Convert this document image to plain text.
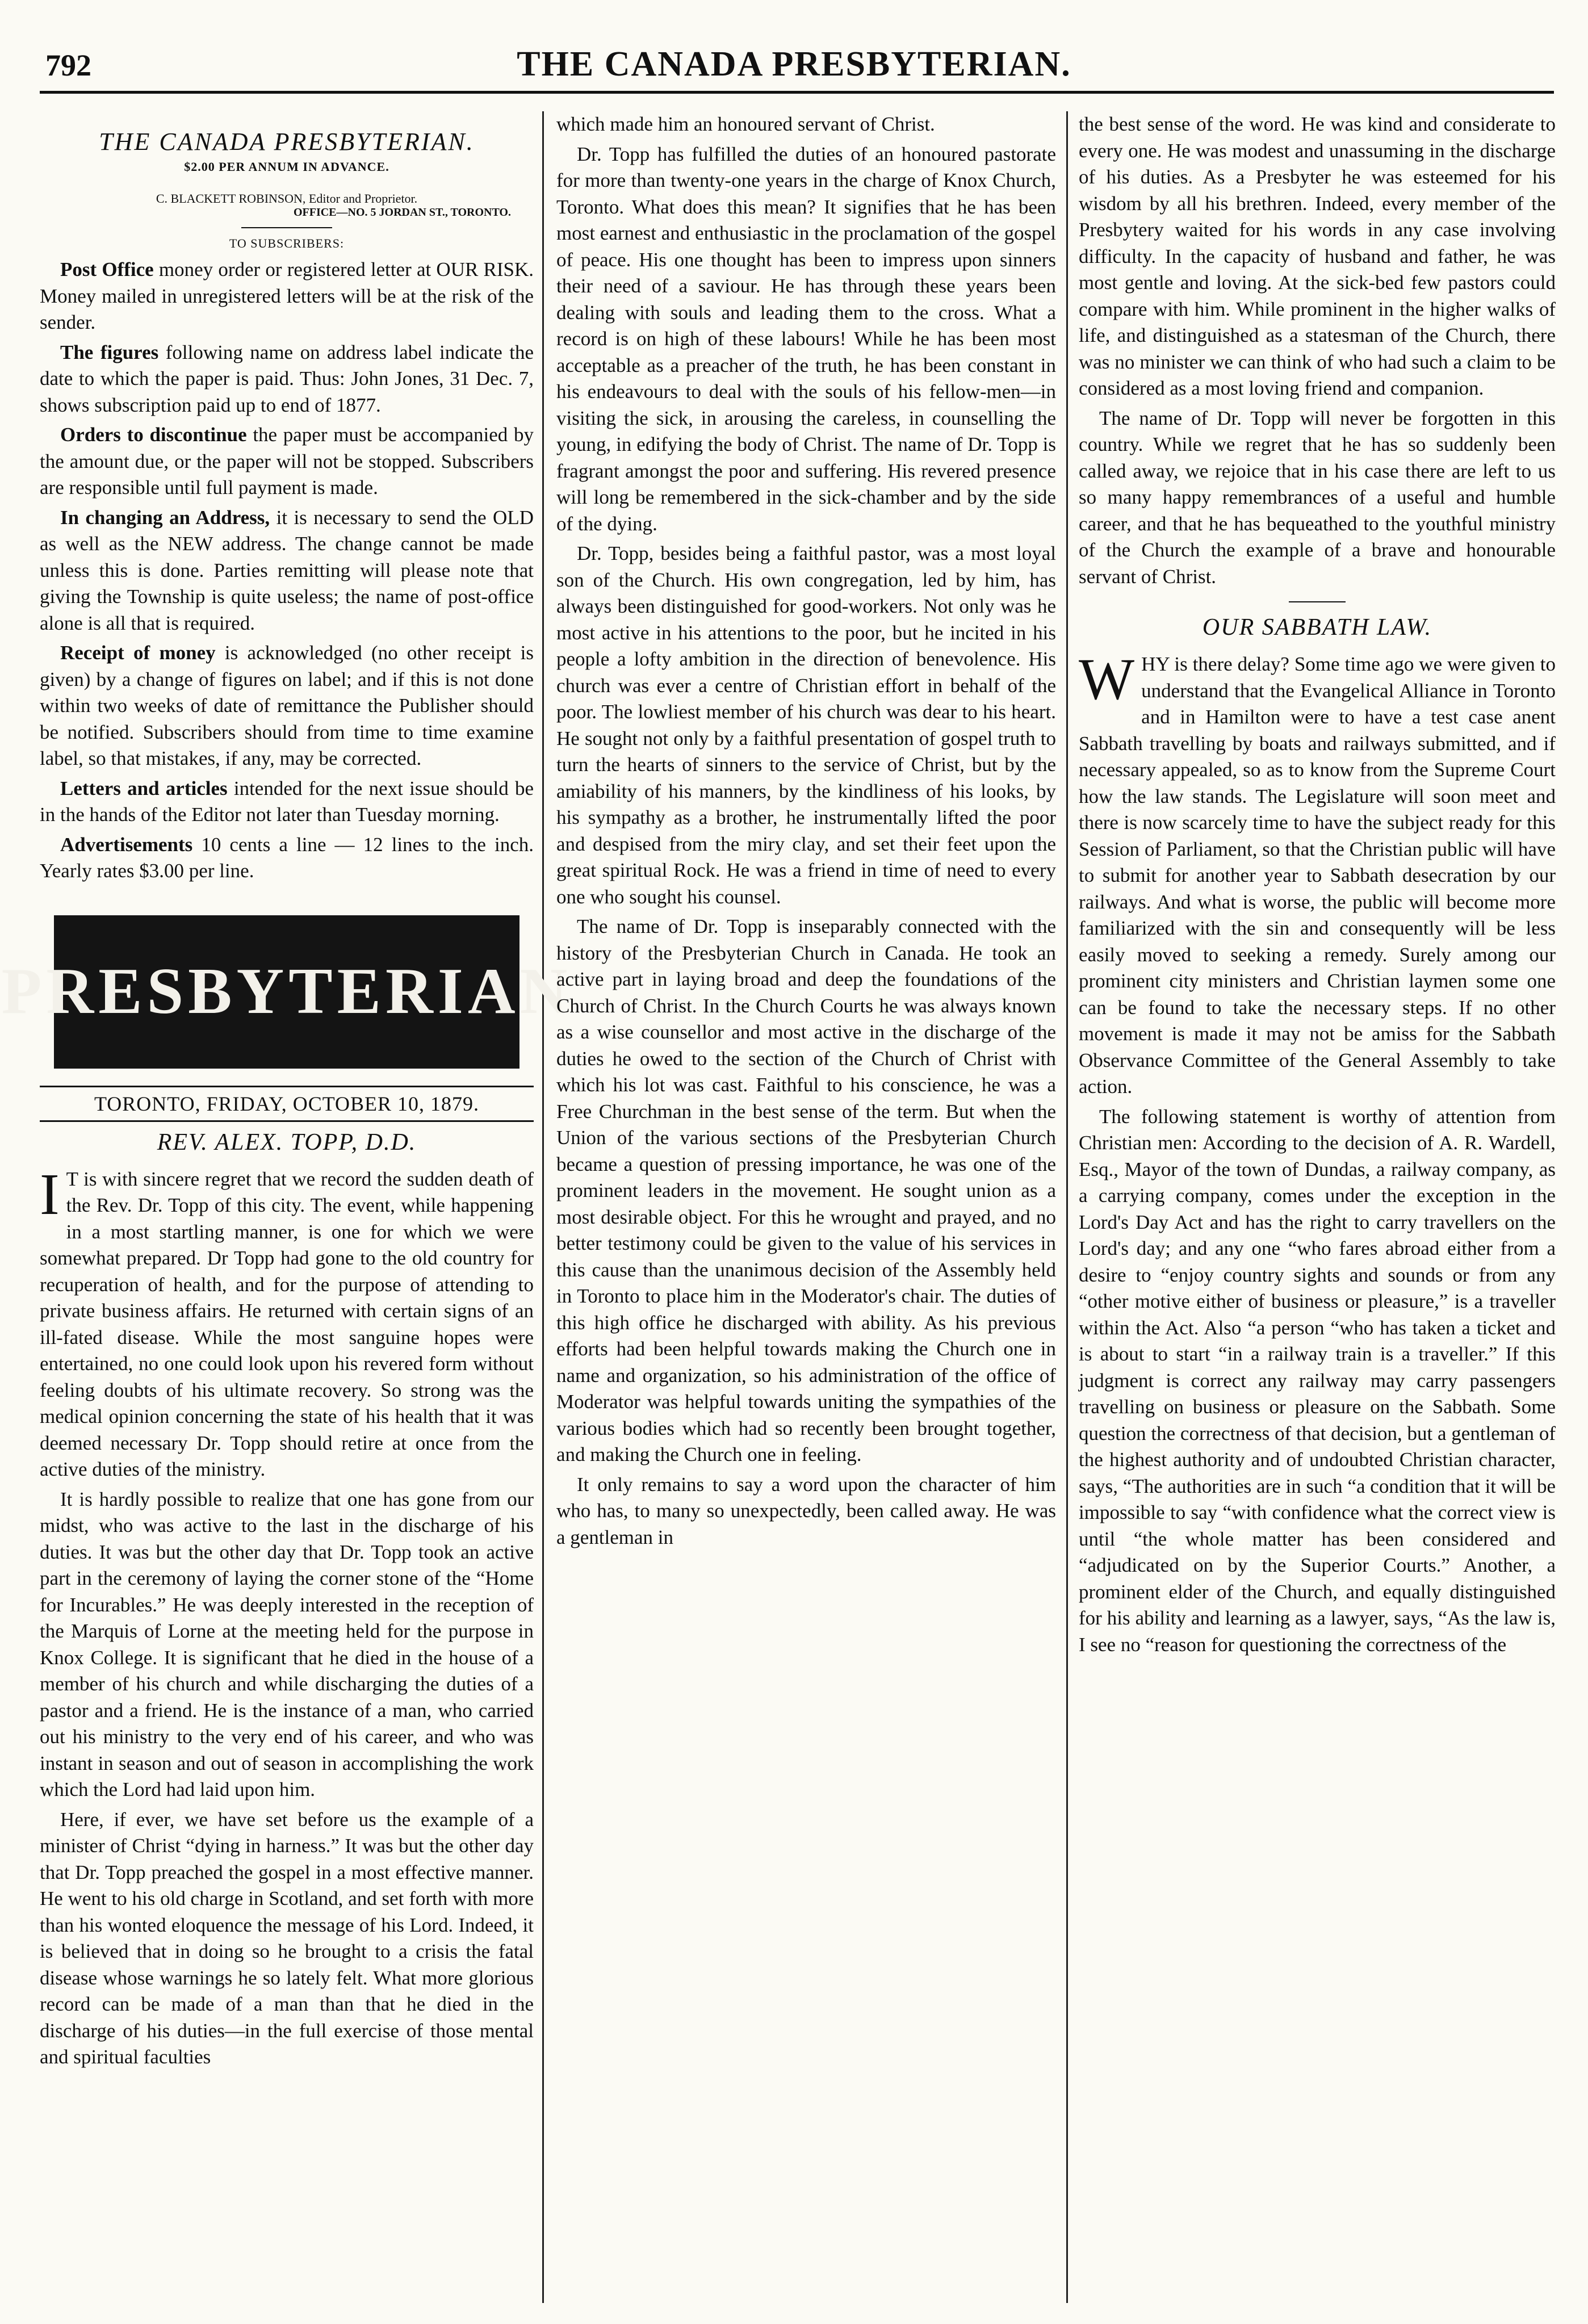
792	THE CANADA PRESBYTERIAN.
THE CANADA PRESBYTERIAN.
$2.00 PER ANNUM IN ADVANCE.
C. BLACKETT ROBINSON, Editor and Proprietor.
OFFICE—NO. 5 JORDAN ST., TORONTO.
TO SUBSCRIBERS:

Post Office money order or registered letter at OUR RISK. Money mailed in unregistered letters will be at the risk of the sender.

The figures following name on address label indicate the date to which the paper is paid. Thus: John Jones, 31 Dec. 7, shows subscription paid up to end of 1877.

Orders to discontinue the paper must be accompanied by the amount due, or the paper will not be stopped. Subscribers are responsible until full payment is made.

In changing an Address, it is necessary to send the OLD as well as the NEW address. The change cannot be made unless this is done. Parties remitting will please note that giving the Township is quite useless; the name of post-office alone is all that is required.

Receipt of money is acknowledged (no other receipt is given) by a change of figures on label; and if this is not done within two weeks of date of remittance the Publisher should be notified. Subscribers should from time to time examine label, so that mistakes, if any, may be corrected.

Letters and articles intended for the next issue should be in the hands of the Editor not later than Tuesday morning.

Advertisements 10 cents a line — 12 lines to the inch. Yearly rates $3.00 per line.

PRESBYTERIAN
TORONTO, FRIDAY, OCTOBER 10, 1879.
REV. ALEX. TOPP, D.D.

I T is with sincere regret that we record the sudden death of the Rev. Dr. Topp of this city. The event, while happening in a most startling manner, is one for which we were somewhat prepared. Dr Topp had gone to the old country for recuperation of health, and for the purpose of attending to private business affairs. He returned with certain signs of an ill-fated disease. While the most sanguine hopes were entertained, no one could look upon his revered form without feeling doubts of his ultimate recovery. So strong was the medical opinion concerning the state of his health that it was deemed necessary Dr. Topp should retire at once from the active duties of the ministry.

It is hardly possible to realize that one has gone from our midst, who was active to the last in the discharge of his duties. It was but the other day that Dr. Topp took an active part in the ceremony of laying the corner stone of the “Home for Incurables.” He was deeply interested in the reception of the Marquis of Lorne at the meeting held for the purpose in Knox College. It is significant that he died in the house of a member of his church and while discharging the duties of a pastor and a friend. He is the instance of a man, who carried out his ministry to the very end of his career, and who was instant in season and out of season in accomplishing the work which the Lord had laid upon him.

Here, if ever, we have set before us the example of a minister of Christ “dying in harness.” It was but the other day that Dr. Topp preached the gospel in a most effective manner. He went to his old charge in Scotland, and set forth with more than his wonted eloquence the message of his Lord. Indeed, it is believed that in doing so he brought to a crisis the fatal disease whose warnings he so lately felt. What more glorious record can be made of a man than that he died in the discharge of his duties—in the full exercise of those mental and spiritual faculties

which made him an honoured servant of Christ.

Dr. Topp has fulfilled the duties of an honoured pastorate for more than twenty-one years in the charge of Knox Church, Toronto. What does this mean? It signifies that he has been most earnest and enthusiastic in the proclamation of the gospel of peace. His one thought has been to impress upon sinners their need of a saviour. He has through these years been dealing with souls and leading them to the cross. What a record is on high of these labours! While he has been most acceptable as a preacher of the truth, he has been constant in his endeavours to deal with the souls of his fellow-men—in visiting the sick, in arousing the careless, in counselling the young, in edifying the body of Christ. The name of Dr. Topp is fragrant amongst the poor and suffering. His revered presence will long be remembered in the sick-chamber and by the side of the dying.

Dr. Topp, besides being a faithful pastor, was a most loyal son of the Church. His own congregation, led by him, has always been distinguished for good-workers. Not only was he most active in his attentions to the poor, but he incited in his people a lofty ambition in the direction of benevolence. His church was ever a centre of Christian effort in behalf of the poor. The lowliest member of his church was dear to his heart. He sought not only by a faithful presentation of gospel truth to turn the hearts of sinners to the service of Christ, but by the amiability of his manners, by the kindliness of his looks, by his sympathy as a brother, he instrumentally lifted the poor and despised from the miry clay, and set their feet upon the great spiritual Rock. He was a friend in time of need to every one who sought his counsel.

The name of Dr. Topp is inseparably connected with the history of the Presbyterian Church in Canada. He took an active part in laying broad and deep the foundations of the Church of Christ. In the Church Courts he was always known as a wise counsellor and most active in the discharge of the duties he owed to the section of the Church of Christ with which his lot was cast. Faithful to his conscience, he was a Free Churchman in the best sense of the term. But when the Union of the various sections of the Presbyterian Church became a question of pressing importance, he was one of the prominent leaders in the movement. He sought union as a most desirable object. For this he wrought and prayed, and no better testimony could be given to the value of his services in this cause than the unanimous decision of the Assembly held in Toronto to place him in the Moderator's chair. The duties of this high office he discharged with ability. As his previous efforts had been helpful towards making the Church one in name and organization, so his administration of the office of Moderator was helpful towards uniting the sympathies of the various bodies which had so recently been brought together, and making the Church one in feeling.

It only remains to say a word upon the character of him who has, to many so unexpectedly, been called away. He was a gentleman in

the best sense of the word. He was kind and considerate to every one. He was modest and unassuming in the discharge of his duties. As a Presbyter he was esteemed for his wisdom by all his brethren. Indeed, every member of the Presbytery waited for his words in any case involving difficulty. In the capacity of husband and father, he was most gentle and loving. At the sick-bed few pastors could compare with him. While prominent in the higher walks of life, and distinguished as a statesman of the Church, there was no minister we can think of who had such a claim to be considered as a most loving friend and companion.

The name of Dr. Topp will never be forgotten in this country. While we regret that he has so suddenly been called away, we rejoice that in his case there are left to us so many happy remembrances of a useful and humble career, and that he has bequeathed to the youthful ministry of the Church the example of a brave and honourable servant of Christ.

OUR SABBATH LAW.

WHY is there delay? Some time ago we were given to understand that the Evangelical Alliance in Toronto and in Hamilton were to have a test case anent Sabbath travelling by boats and railways submitted, and if necessary appealed, so as to know from the Supreme Court how the law stands. The Legislature will soon meet and there is now scarcely time to have the subject ready for this Session of Parliament, so that the Christian public will have to submit for another year to Sabbath desecration by our railways. And what is worse, the public will become more familiarized with the sin and consequently will be less easily moved to seeking a remedy. Surely among our prominent city ministers and Christian laymen some one can be found to take the necessary steps. If no other movement is made it may not be amiss for the Sabbath Observance Committee of the General Assembly to take action.

The following statement is worthy of attention from Christian men: According to the decision of A. R. Wardell, Esq., Mayor of the town of Dundas, a railway company, as a carrying company, comes under the exception in the Lord's Day Act and has the right to carry travellers on the Lord's day; and any one “who fares abroad either from a desire to “enjoy country sights and sounds or from any “other motive either of business or pleasure,” is a traveller within the Act. Also “a person “who has taken a ticket and is about to start “in a railway train is a traveller.” If this judgment is correct any railway may carry passengers travelling on business or pleasure on the Sabbath. Some question the correctness of that decision, but a gentleman of the highest authority and of undoubted Christian character, says, “The authorities are in such “a condition that it will be impossible to say “with confidence what the correct view is until “the whole matter has been considered and “adjudicated on by the Superior Courts.” Another, a prominent elder of the Church, and equally distinguished for his ability and learning as a lawyer, says, “As the law is, I see no “reason for questioning the correctness of the
